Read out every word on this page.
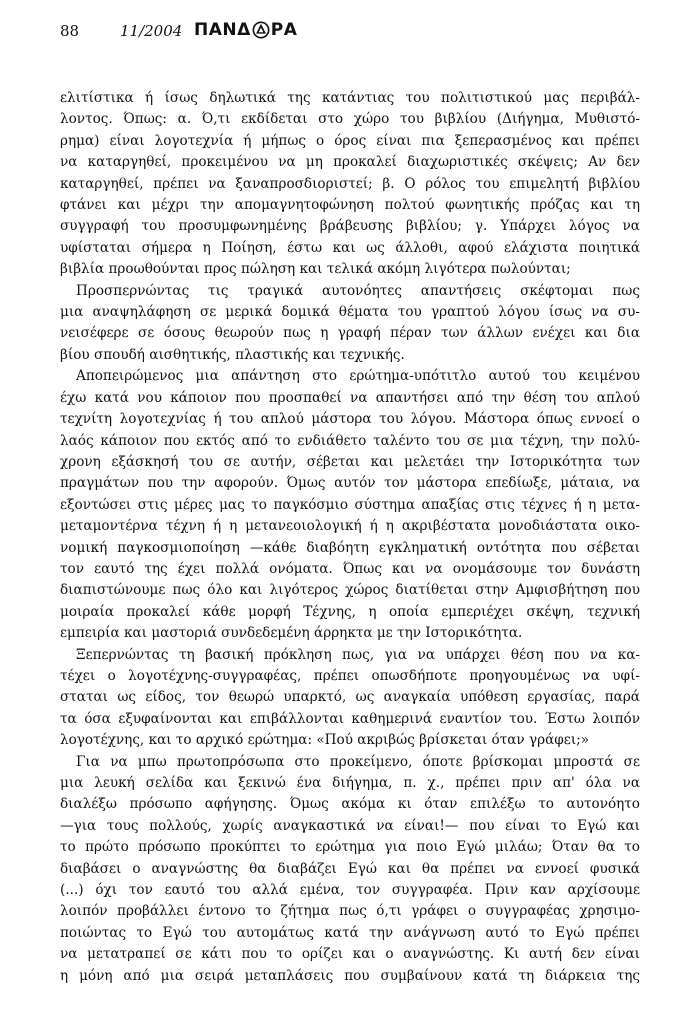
88	11/2004 ΠΑΝΔ ΡΑ
ελιτίστικα ή ίσως δηλωτικά της κατάντιας του πολιτιστικού μας περιβάλ-
λοντος. Όπως: α. Ό,τι εκδίδεται στο χώρο του βιβλίου (Διήγημα, Μυθιστό-
ρημα) είναι λογοτεχνία ή μήπως ο όρος είναι πια ξεπερασμένος και πρέπει
να καταργηθεί, προκειμένου να μη προκαλεί διαχωριστικές σκέψεις; Αν δεν
καταργηθεί, πρέπει να ξαναπροσδιοριστεί; β. Ο ρόλος του επιμελητή βιβλίου
φτάνει και μέχρι την απομαγνητοφώνηση πολτού φωνητικής πρόζας και τη
συγγραφή του προσυμφωνημένης βράβευσης βιβλίου; γ. Υπάρχει λόγος να
υφίσταται σήμερα η Ποίηση, έστω και ως άλλοθι, αφού ελάχιστα ποιητικά
βιβλία προωθούνται προς πώληση και τελικά ακόμη λιγότερα πωλούνται;
Προσπερνώντας τις τραγικά αυτονόητες απαντήσεις σκέφτομαι πως
μια αναψηλάφηση σε μερικά δομικά θέματα του γραπτού λόγου ίσως να συ-
νεισέφερε σε όσους θεωρούν πως η γραφή πέραν των άλλων ενέχει και δια
βίου σπουδή αισθητικής, πλαστικής και τεχνικής.
Αποπειρώμενος μια απάντηση στο ερώτημα-υπότιτλο αυτού του κειμένου
έχω κατά νου κάποιον που προσπαθεί να απαντήσει από την θέση του απλού
τεχνίτη λογοτεχνίας ή του απλού μάστορα του λόγου. Μάστορα όπως εννοεί ο
λαός κάποιον που εκτός από το ενδιάθετο ταλέντο του σε μια τέχνη, την πολύ-
χρονη εξάσκησή του σε αυτήν, σέβεται και μελετάει την Ιστορικότητα των
πραγμάτων που την αφορούν. Όμως αυτόν τον μάστορα επεδίωξε, μάταια, να
εξοντώσει στις μέρες μας το παγκόσμιο σύστημα απαξίας στις τέχνες ή η μετα-
μεταμοντέρνα τέχνη ή η μετανεοιολογική ή η ακριβέστατα μονοδιάστατα οικο-
νομική παγκοσμιοποίηση —κάθε διαβόητη εγκληματική οντότητα που σέβεται
τον εαυτό της έχει πολλά ονόματα. Όπως και να ονομάσουμε τον δυνάστη
διαπιστώνουμε πως όλο και λιγότερος χώρος διατίθεται στην Αμφισβήτηση που
μοιραία προκαλεί κάθε μορφή Τέχνης, η οποία εμπεριέχει σκέψη, τεχνική
εμπειρία και μαστοριά συνδεδεμένη άρρηκτα με την Ιστορικότητα.
Ξεπερνώντας τη βασική πρόκληση πως, για να υπάρχει θέση που να κα-
τέχει ο λογοτέχνης-συγγραφέας, πρέπει οπωσδήποτε προηγουμένως να υφί-
σταται ως είδος, τον θεωρώ υπαρκτό, ως αναγκαία υπόθεση εργασίας, παρά
τα όσα εξυφαίνονται και επιβάλλονται καθημερινά εναντίον του. Έστω λοιπόν
λογοτέχνης, και το αρχικό ερώτημα: «Πού ακριβώς βρίσκεται όταν γράφει;»
Για να μπω πρωτοπρόσωπα στο προκείμενο, όποτε βρίσκομαι μπροστά σε
μια λευκή σελίδα και ξεκινώ ένα διήγημα, π. χ., πρέπει πριν απ' όλα να
διαλέξω πρόσωπο αφήγησης. Όμως ακόμα κι όταν επιλέξω το αυτονόητο
—για τους πολλούς, χωρίς αναγκαστικά να είναι!— που είναι το Εγώ και
το πρώτο πρόσωπο προκύπτει το ερώτημα για ποιο Εγώ μιλάω; Όταν θα το
διαβάσει ο αναγνώστης θα διαβάζει Εγώ και θα πρέπει να εννοεί φυσικά
(...) όχι τον εαυτό του αλλά εμένα, τον συγγραφέα. Πριν καν αρχίσουμε
λοιπόν προβάλλει έντονο το ζήτημα πως ό,τι γράφει ο συγγραφέας χρησιμο-
ποιώντας το Εγώ του αυτομάτως κατά την ανάγνωση αυτό το Εγώ πρέπει
να μετατραπεί σε κάτι που το ορίζει και ο αναγνώστης. Κι αυτή δεν είναι
η μόνη από μια σειρά μεταπλάσεις που συμβαίνουν κατά τη διάρκεια της
